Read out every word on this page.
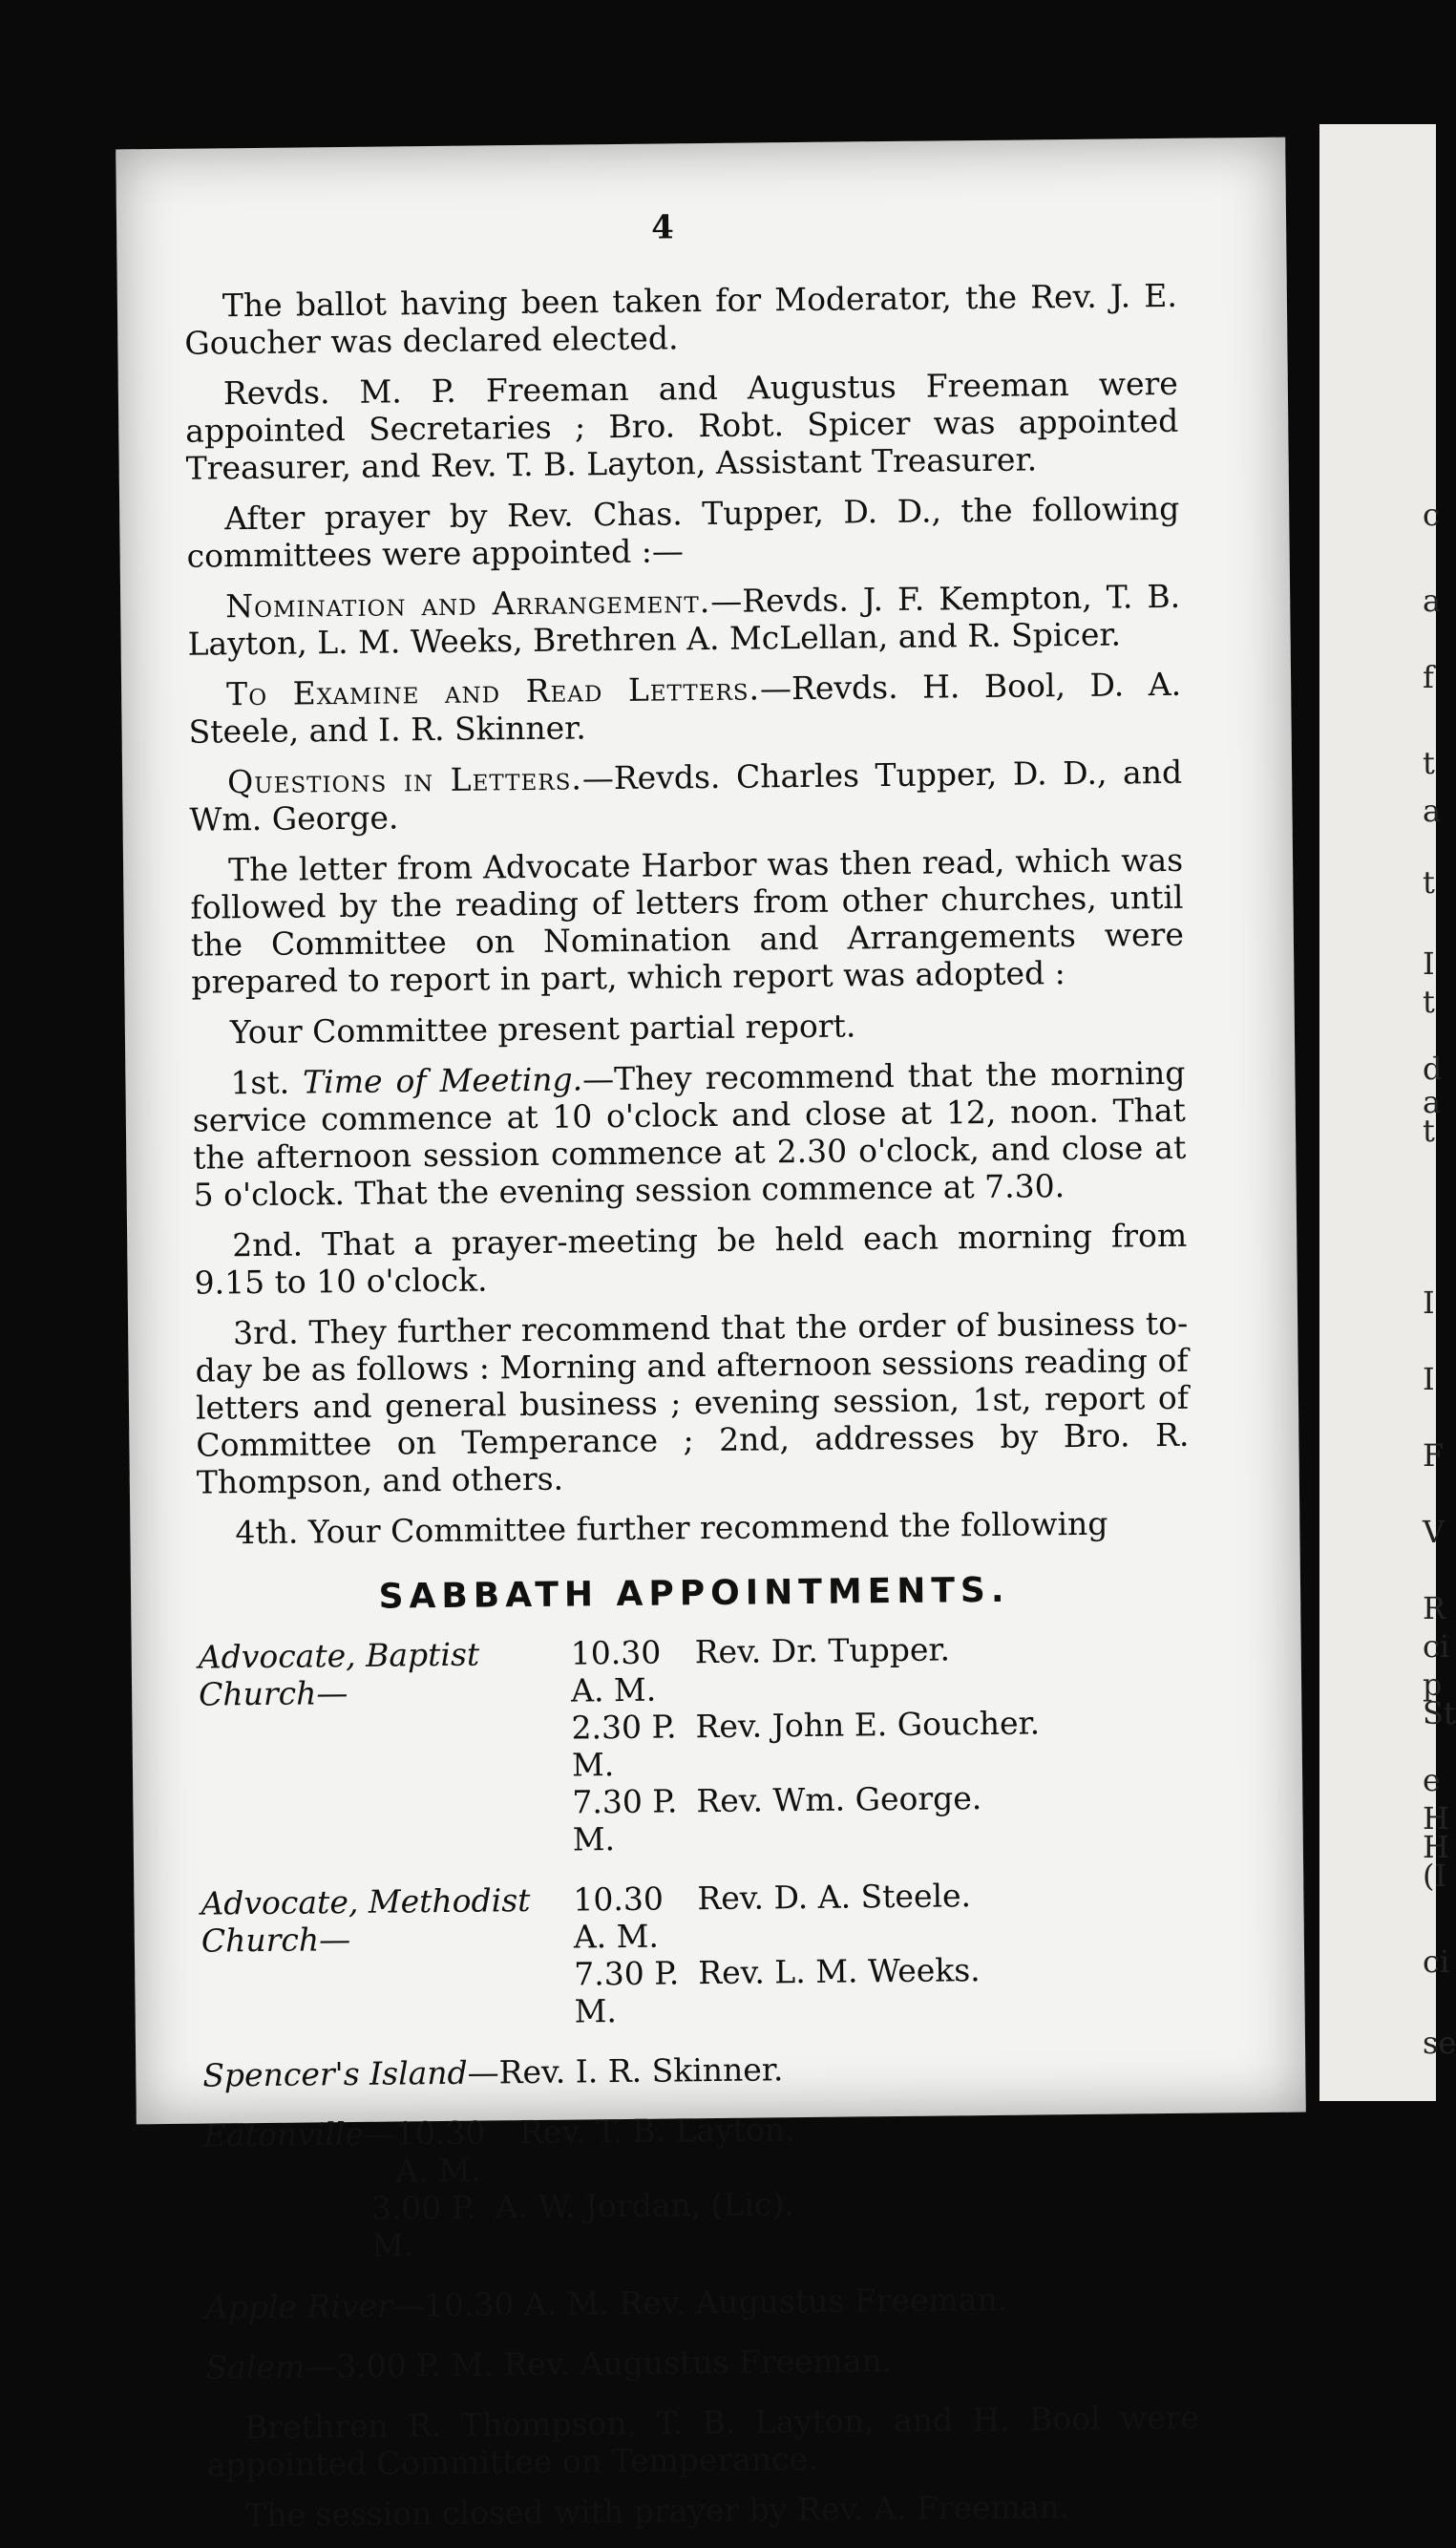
c
a
f
t
a
t
I
t
d
a
t
I
I
F
V
R
ci
p
St
e
H
H
(I
ci
se
4

The ballot having been taken for Moderator, the Rev. J. E. Goucher was declared elected.

Revds. M. P. Freeman and Augustus Freeman were appointed Secretaries ; Bro. Robt. Spicer was appointed Treasurer, and Rev. T. B. Layton, Assistant Treasurer.

After prayer by Rev. Chas. Tupper, D. D., the following committees were appointed :—

Nomination and Arrangement.—Revds. J. F. Kempton, T. B. Layton, L. M. Weeks, Brethren A. McLellan, and R. Spicer.

To Examine and Read Letters.—Revds. H. Bool, D. A. Steele, and I. R. Skinner.

Questions in Letters.—Revds. Charles Tupper, D. D., and Wm. George.

The letter from Advocate Harbor was then read, which was followed by the reading of letters from other churches, until the Committee on Nomination and Arrangements were prepared to report in part, which report was adopted :

Your Committee present partial report.

1st. Time of Meeting.—They recommend that the morning service commence at 10 o'clock and close at 12, noon. That the afternoon session commence at 2.30 o'clock, and close at 5 o'clock. That the evening session commence at 7.30.

2nd. That a prayer-meeting be held each morning from 9.15 to 10 o'clock.

3rd. They further recommend that the order of business to-day be as follows : Morning and afternoon sessions reading of letters and general business ; evening session, 1st, report of Committee on Temperance ; 2nd, addresses by Bro. R. Thompson, and others.

4th. Your Committee further recommend the following

SABBATH APPOINTMENTS.
Advocate, Baptist Church—
10.30 A. M.
Rev. Dr. Tupper.
2.30 P. M.
Rev. John E. Goucher.
7.30 P. M.
Rev. Wm. George.
Advocate, Methodist Church—
10.30 A. M.
Rev. D. A. Steele.
7.30 P. M.
Rev. L. M. Weeks.
Spencer's Island—Rev. I. R. Skinner.
Eatonville— 10.30 A. M.
Rev. T. B. Layton.
3.00 P. M.
A. W. Jordan, (Lic).
Apple River—10.30 A. M. Rev. Augustus Freeman.
Salem—3.00 P. M. Rev. Augustus Freeman.

Brethren R. Thompson, T. B. Layton, and H. Bool were appointed Committee on Temperance.

The session closed with prayer by Rev. A. Freeman.
